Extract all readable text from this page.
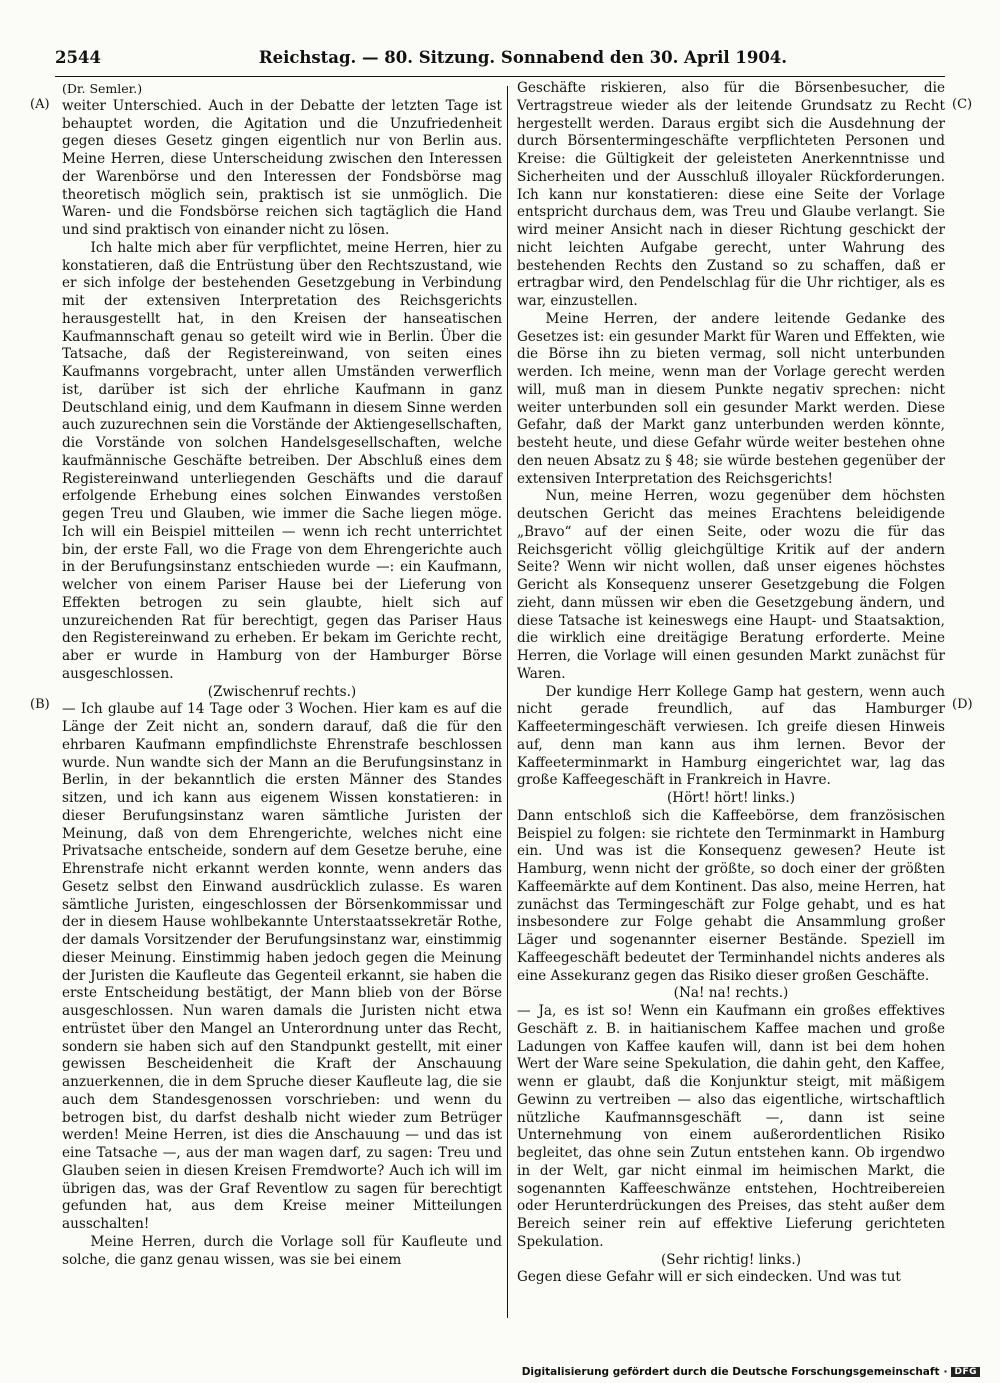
2544	Reichstag. — 80. Sitzung. Sonnabend den 30. April 1904.
(A)
(B)
(C)
(D)

(Dr. Semler.)

weiter Unterschied. Auch in der Debatte der letzten Tage ist behauptet worden, die Agitation und die Unzufriedenheit gegen dieses Gesetz gingen eigentlich nur von Berlin aus. Meine Herren, diese Unterscheidung zwischen den Interessen der Warenbörse und den Interessen der Fondsbörse mag theoretisch möglich sein, praktisch ist sie unmöglich. Die Waren- und die Fondsbörse reichen sich tagtäglich die Hand und sind praktisch von einander nicht zu lösen.

Ich halte mich aber für verpflichtet, meine Herren, hier zu konstatieren, daß die Entrüstung über den Rechtszustand, wie er sich infolge der bestehenden Gesetzgebung in Verbindung mit der extensiven Interpretation des Reichsgerichts herausgestellt hat, in den Kreisen der hanseatischen Kaufmannschaft genau so geteilt wird wie in Berlin. Über die Tatsache, daß der Registereinwand, von seiten eines Kaufmanns vorgebracht, unter allen Umständen verwerflich ist, darüber ist sich der ehrliche Kaufmann in ganz Deutschland einig, und dem Kaufmann in diesem Sinne werden auch zuzurechnen sein die Vorstände der Aktiengesellschaften, die Vorstände von solchen Handelsgesellschaften, welche kaufmännische Geschäfte betreiben. Der Abschluß eines dem Registereinwand unterliegenden Geschäfts und die darauf erfolgende Erhebung eines solchen Einwandes verstoßen gegen Treu und Glauben, wie immer die Sache liegen möge. Ich will ein Beispiel mitteilen — wenn ich recht unterrichtet bin, der erste Fall, wo die Frage von dem Ehrengerichte auch in der Berufungsinstanz entschieden wurde —: ein Kaufmann, welcher von einem Pariser Hause bei der Lieferung von Effekten betrogen zu sein glaubte, hielt sich auf unzureichenden Rat für berechtigt, gegen das Pariser Haus den Registereinwand zu erheben. Er bekam im Gerichte recht, aber er wurde in Hamburg von der Hamburger Börse ausgeschlossen.

(Zwischenruf rechts.)

— Ich glaube auf 14 Tage oder 3 Wochen. Hier kam es auf die Länge der Zeit nicht an, sondern darauf, daß die für den ehrbaren Kaufmann empfindlichste Ehrenstrafe beschlossen wurde. Nun wandte sich der Mann an die Berufungsinstanz in Berlin, in der bekanntlich die ersten Männer des Standes sitzen, und ich kann aus eigenem Wissen konstatieren: in dieser Berufungsinstanz waren sämtliche Juristen der Meinung, daß von dem Ehrengerichte, welches nicht eine Privatsache entscheide, sondern auf dem Gesetze beruhe, eine Ehrenstrafe nicht erkannt werden konnte, wenn anders das Gesetz selbst den Einwand ausdrücklich zulasse. Es waren sämtliche Juristen, eingeschlossen der Börsenkommissar und der in diesem Hause wohlbekannte Unterstaatssekretär Rothe, der damals Vorsitzender der Berufungsinstanz war, einstimmig dieser Meinung. Einstimmig haben jedoch gegen die Meinung der Juristen die Kaufleute das Gegenteil erkannt, sie haben die erste Entscheidung bestätigt, der Mann blieb von der Börse ausgeschlossen. Nun waren damals die Juristen nicht etwa entrüstet über den Mangel an Unterordnung unter das Recht, sondern sie haben sich auf den Standpunkt gestellt, mit einer gewissen Bescheidenheit die Kraft der Anschauung anzuerkennen, die in dem Spruche dieser Kaufleute lag, die sie auch dem Standesgenossen vorschrieben: und wenn du betrogen bist, du darfst deshalb nicht wieder zum Betrüger werden! Meine Herren, ist dies die Anschauung — und das ist eine Tatsache —, aus der man wagen darf, zu sagen: Treu und Glauben seien in diesen Kreisen Fremdworte? Auch ich will im übrigen das, was der Graf Reventlow zu sagen für berechtigt gefunden hat, aus dem Kreise meiner Mitteilungen ausschalten!

Meine Herren, durch die Vorlage soll für Kaufleute und solche, die ganz genau wissen, was sie bei einem

Geschäfte riskieren, also für die Börsenbesucher, die Vertragstreue wieder als der leitende Grundsatz zu Recht hergestellt werden. Daraus ergibt sich die Ausdehnung der durch Börsentermingeschäfte verpflichteten Personen und Kreise: die Gültigkeit der geleisteten Anerkenntnisse und Sicherheiten und der Ausschluß illoyaler Rückforderungen. Ich kann nur konstatieren: diese eine Seite der Vorlage entspricht durchaus dem, was Treu und Glaube verlangt. Sie wird meiner Ansicht nach in dieser Richtung geschickt der nicht leichten Aufgabe gerecht, unter Wahrung des bestehenden Rechts den Zustand so zu schaffen, daß er ertragbar wird, den Pendelschlag für die Uhr richtiger, als es war, einzustellen.

Meine Herren, der andere leitende Gedanke des Gesetzes ist: ein gesunder Markt für Waren und Effekten, wie die Börse ihn zu bieten vermag, soll nicht unterbunden werden. Ich meine, wenn man der Vorlage gerecht werden will, muß man in diesem Punkte negativ sprechen: nicht weiter unterbunden soll ein gesunder Markt werden. Diese Gefahr, daß der Markt ganz unterbunden werden könnte, besteht heute, und diese Gefahr würde weiter bestehen ohne den neuen Absatz zu § 48; sie würde bestehen gegenüber der extensiven Interpretation des Reichsgerichts!

Nun, meine Herren, wozu gegenüber dem höchsten deutschen Gericht das meines Erachtens beleidigende „Bravo“ auf der einen Seite, oder wozu die für das Reichsgericht völlig gleichgültige Kritik auf der andern Seite? Wenn wir nicht wollen, daß unser eigenes höchstes Gericht als Konsequenz unserer Gesetzgebung die Folgen zieht, dann müssen wir eben die Gesetzgebung ändern, und diese Tatsache ist keineswegs eine Haupt- und Staatsaktion, die wirklich eine dreitägige Beratung erforderte. Meine Herren, die Vorlage will einen gesunden Markt zunächst für Waren.

Der kundige Herr Kollege Gamp hat gestern, wenn auch nicht gerade freundlich, auf das Hamburger Kaffeetermingeschäft verwiesen. Ich greife diesen Hinweis auf, denn man kann aus ihm lernen. Bevor der Kaffeeterminmarkt in Hamburg eingerichtet war, lag das große Kaffeegeschäft in Frankreich in Havre.

(Hört! hört! links.)

Dann entschloß sich die Kaffeebörse, dem französischen Beispiel zu folgen: sie richtete den Terminmarkt in Hamburg ein. Und was ist die Konsequenz gewesen? Heute ist Hamburg, wenn nicht der größte, so doch einer der größten Kaffeemärkte auf dem Kontinent. Das also, meine Herren, hat zunächst das Termingeschäft zur Folge gehabt, und es hat insbesondere zur Folge gehabt die Ansammlung großer Läger und sogenannter eiserner Bestände. Speziell im Kaffeegeschäft bedeutet der Terminhandel nichts anderes als eine Assekuranz gegen das Risiko dieser großen Geschäfte.

(Na! na! rechts.)

— Ja, es ist so! Wenn ein Kaufmann ein großes effektives Geschäft z. B. in haitianischem Kaffee machen und große Ladungen von Kaffee kaufen will, dann ist bei dem hohen Wert der Ware seine Spekulation, die dahin geht, den Kaffee, wenn er glaubt, daß die Konjunktur steigt, mit mäßigem Gewinn zu vertreiben — also das eigentliche, wirtschaftlich nützliche Kaufmannsgeschäft —, dann ist seine Unternehmung von einem außerordentlichen Risiko begleitet, das ohne sein Zutun entstehen kann. Ob irgendwo in der Welt, gar nicht einmal im heimischen Markt, die sogenannten Kaffeeschwänze entstehen, Hochtreibereien oder Herunterdrückungen des Preises, das steht außer dem Bereich seiner rein auf effektive Lieferung gerichteten Spekulation.

(Sehr richtig! links.)

Gegen diese Gefahr will er sich eindecken. Und was tut

Digitalisierung gefördert durch die Deutsche Forschungsgemeinschaft · DFG
